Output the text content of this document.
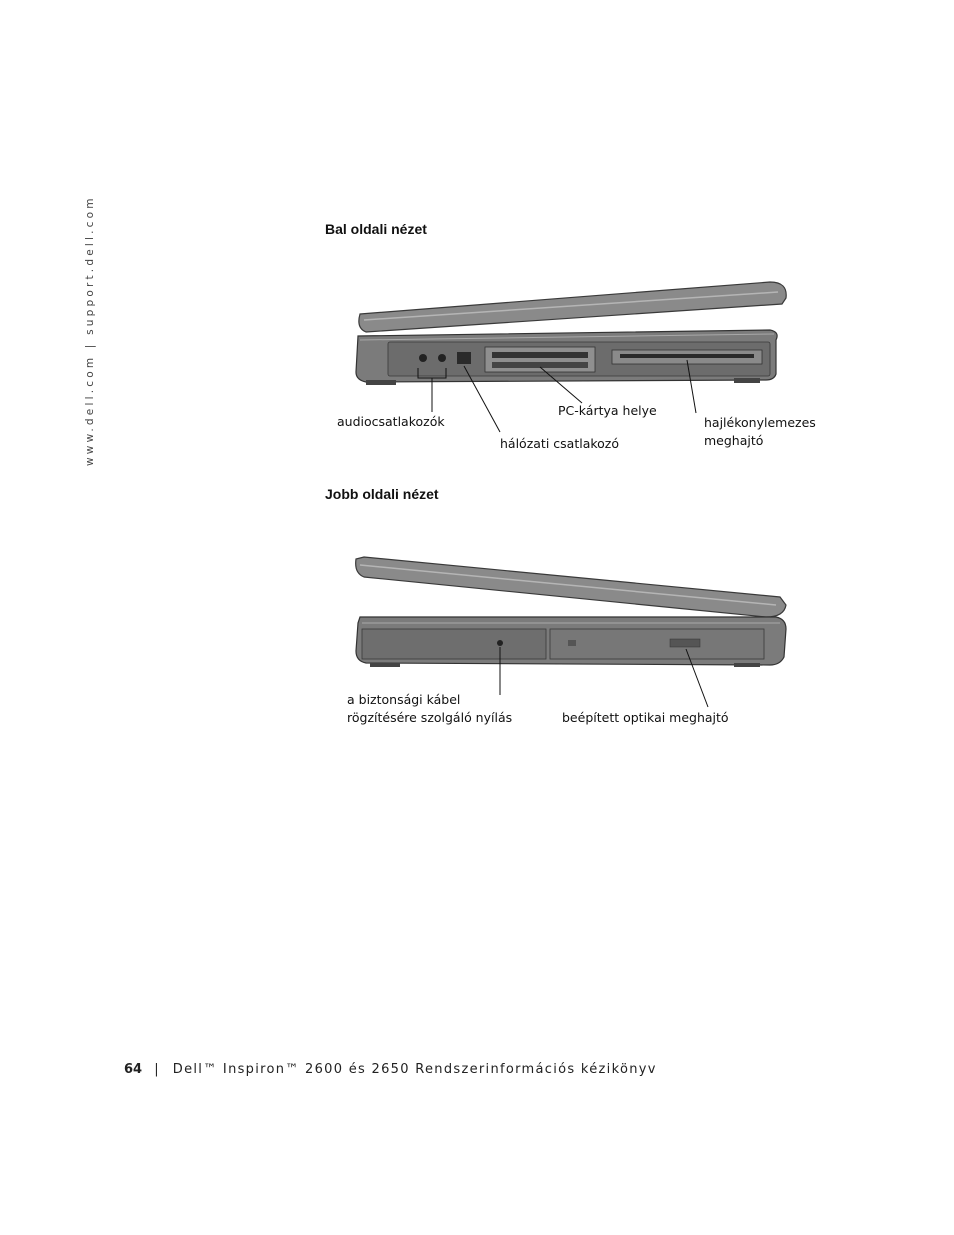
www.dell.com | support.dell.com	Bal oldali nézet
audiocsatlakozók
PC-kártya helye
hálózati csatlakozó
hajlékonylemezes
meghajtó
Jobb oldali nézet
a biztonsági kábel
rögzítésére szolgáló nyílás	beépített optikai meghajtó
64 | Dell™ Inspiron™ 2600 és 2650 Rendszerinformációs kézikönyv
